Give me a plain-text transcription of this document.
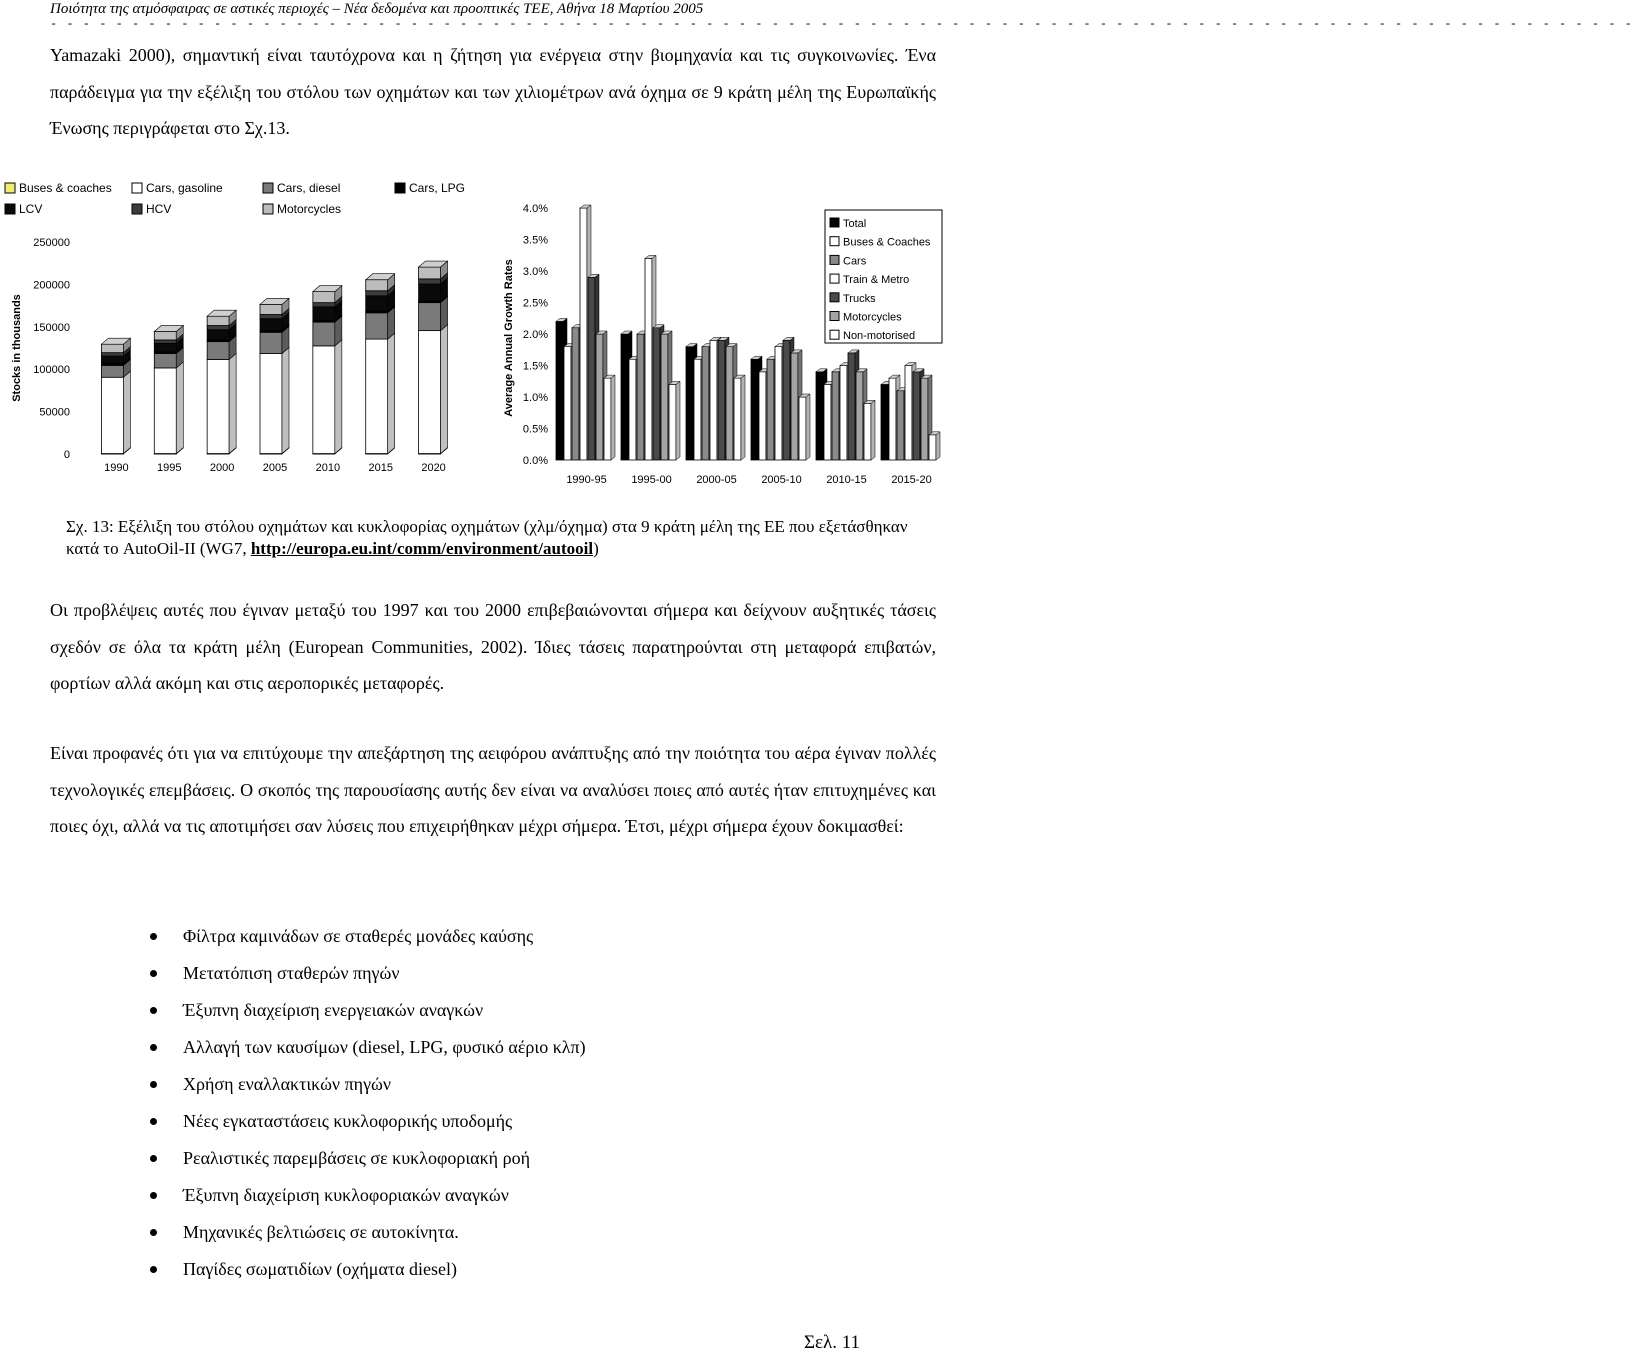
Ποιότητα της ατμόσφαιρας σε αστικές περιοχές – Νέα δεδομένα και προοπτικές ΤΕΕ, Αθήνα 18 Μαρτίου 2005
- - - - - - - - - - - - - - - - - - - - - - - - - - - - - - - - - - - - - - - - - - - - - - - - - - - - - - - - - - - - - - - - - - - - - - - - - - - - - - - - - - - - - - - - - - - - - - - - -
Yamazaki 2000), σημαντική είναι ταυτόχρονα και η ζήτηση για ενέργεια στην βιομηχανία και τις συγκοινωνίες. Ένα παράδειγμα για την εξέλιξη του στόλου των οχημάτων και των χιλιομέτρων ανά όχημα σε 9 κράτη μέλη της Ευρωπαϊκής Ένωσης περιγράφεται στο Σχ.13.
Buses & coaches	Cars, gasoline	Cars, diesel	Cars, LPG
LCV	HCV	Motorcycles
Stocks in thousands
0
50000
100000
150000
200000
250000
1990	1995	2000	2005	2010	2015	2020
Average Annual Growth Rates
0.0%
0.5%
1.0%
1.5%
2.0%
2.5%
3.0%
3.5%
4.0%
1990-95 1995-00 2000-05 2005-10 2010-15 2015-20
Total
Buses & Coaches
Cars
Train & Metro
Trucks
Motorcycles
Non-motorised
Σχ. 13: Εξέλιξη του στόλου οχημάτων και κυκλοφορίας οχημάτων (χλμ/όχημα) στα 9 κράτη μέλη της ΕΕ που εξετάσθηκαν κατά το AutoOil-II (WG7, http://europa.eu.int/comm/environment/autooil)
Οι προβλέψεις αυτές που έγιναν μεταξύ του 1997 και του 2000 επιβεβαιώνονται σήμερα και δείχνουν αυξητικές τάσεις σχεδόν σε όλα τα κράτη μέλη (European Communities, 2002). Ίδιες τάσεις παρατηρούνται στη μεταφορά επιβατών, φορτίων αλλά ακόμη και στις αεροπορικές μεταφορές.
Είναι προφανές ότι για να επιτύχουμε την απεξάρτηση της αειφόρου ανάπτυξης από την ποιότητα του αέρα έγιναν πολλές τεχνολογικές επεμβάσεις. Ο σκοπός της παρουσίασης αυτής δεν είναι να αναλύσει ποιες από αυτές ήταν επιτυχημένες και ποιες όχι, αλλά να τις αποτιμήσει σαν λύσεις που επιχειρήθηκαν μέχρι σήμερα. Έτσι, μέχρι σήμερα έχουν δοκιμασθεί:
Φίλτρα καμινάδων σε σταθερές μονάδες καύσης
Μετατόπιση σταθερών πηγών
Έξυπνη διαχείριση ενεργειακών αναγκών
Αλλαγή των καυσίμων (diesel, LPG, φυσικό αέριο κλπ)
Χρήση εναλλακτικών πηγών
Νέες εγκαταστάσεις κυκλοφορικής υποδομής
Ρεαλιστικές παρεμβάσεις σε κυκλοφοριακή ροή
Έξυπνη διαχείριση κυκλοφοριακών αναγκών
Μηχανικές βελτιώσεις σε αυτοκίνητα.
Παγίδες σωματιδίων (οχήματα diesel)
Σελ. 11
